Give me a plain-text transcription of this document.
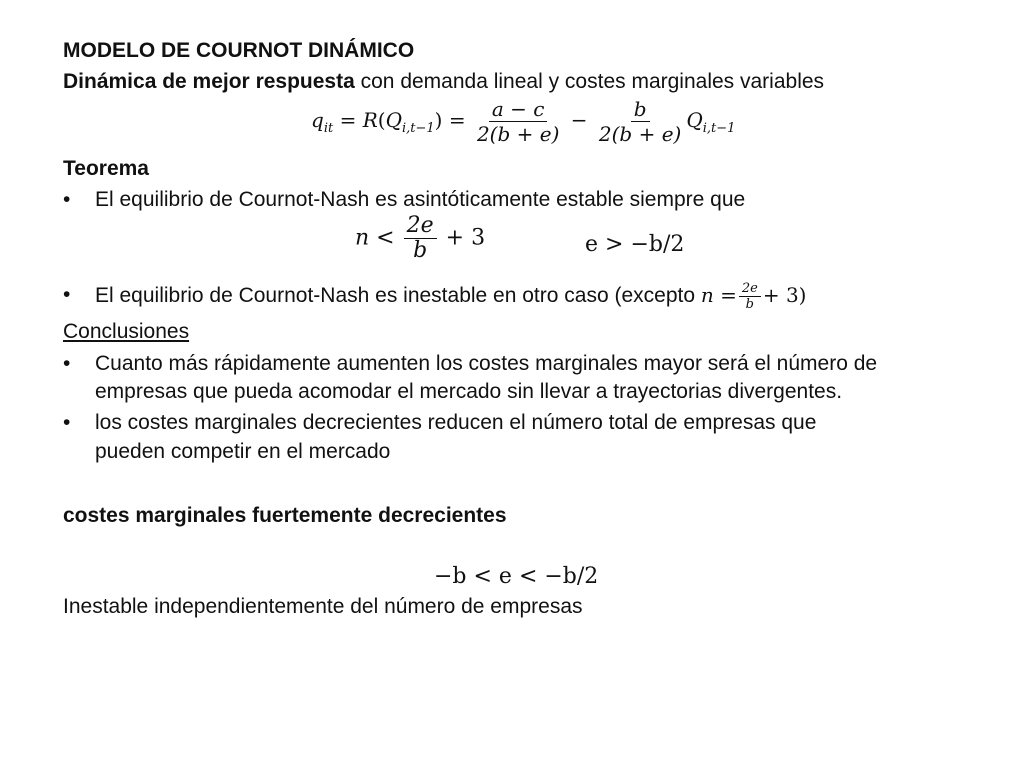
MODELO DE COURNOT DINÁMICO
Dinámica de mejor respuesta con demanda lineal y costes marginales variables
$q_{it} = R(Q_{i,t-1}) = \frac{a - c}{2(b + e)} - \frac{b}{2(b + e)} Q_{i,t-1}$
Teorema
• El equilibrio de Cournot-Nash es asintóticamente estable siempre que
$n < \frac{2e}{b} + 3$	e > −b/2
• El equilibrio de Cournot-Nash es inestable en otro caso (excepto $n = \frac{2e}{b} + 3$)
Conclusiones
• Cuanto más rápidamente aumenten los costes marginales mayor será el número de
empresas que pueda acomodar el mercado sin llevar a trayectorias divergentes.
• los costes marginales decrecientes reducen el número total de empresas que
pueden competir en el mercado
costes marginales fuertemente decrecientes
−b < e < −b/2
Inestable independientemente del número de empresas
